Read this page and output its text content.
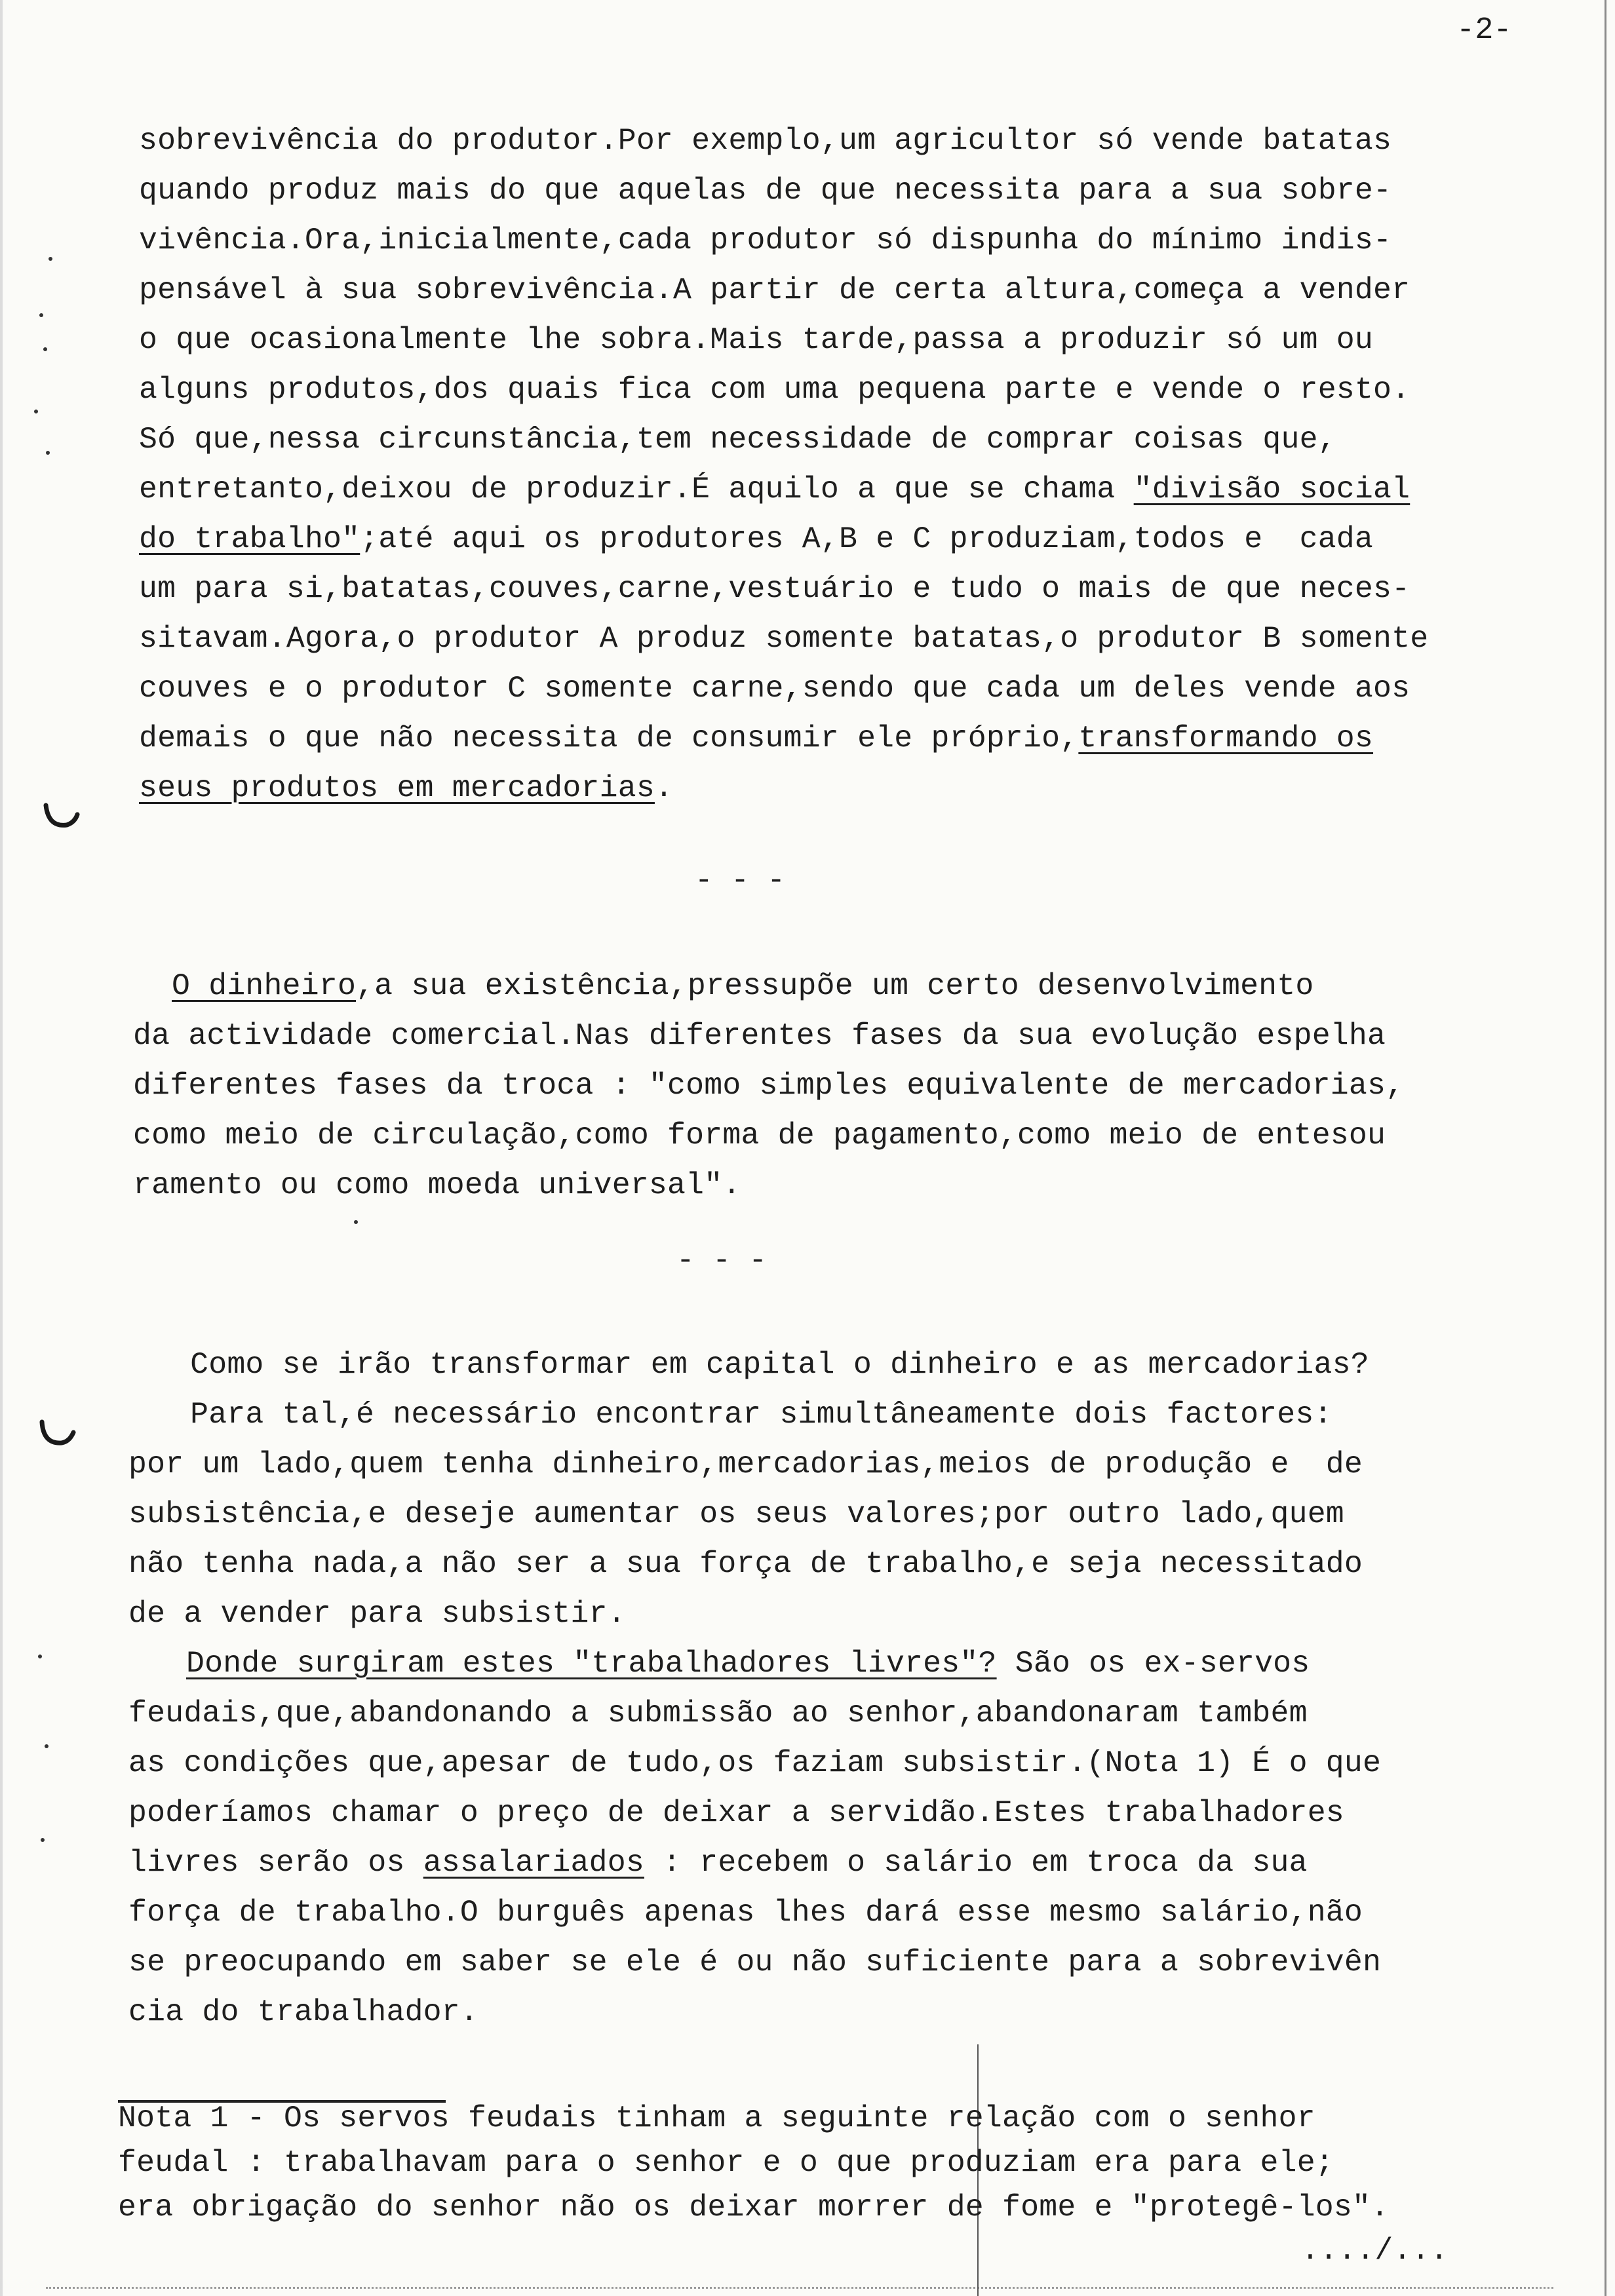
-2-
sobrevivência do produtor.Por exemplo,um agricultor só vende batatas
quando produz mais do que aquelas de que necessita para a sua sobre-
vivência.Ora,inicialmente,cada produtor só dispunha do mínimo indis-
pensável à sua sobrevivência.A partir de certa altura,começa a vender
o que ocasionalmente lhe sobra.Mais tarde,passa a produzir só um ou
alguns produtos,dos quais fica com uma pequena parte e vende o resto.
Só que,nessa circunstância,tem necessidade de comprar coisas que,
entretanto,deixou de produzir.É aquilo a que se chama "divisão social
do trabalho";até aqui os produtores A,B e C produziam,todos e  cada
um para si,batatas,couves,carne,vestuário e tudo o mais de que neces-
sitavam.Agora,o produtor A produz somente batatas,o produtor B somente
couves e o produtor C somente carne,sendo que cada um deles vende aos
demais o que não necessita de consumir ele próprio,transformando os
seus produtos em mercadorias.
- - -
O dinheiro,a sua existência,pressupõe um certo desenvolvimento
da actividade comercial.Nas diferentes fases da sua evolução espelha
diferentes fases da troca : "como simples equivalente de mercadorias,
como meio de circulação,como forma de pagamento,como meio de entesou
ramento ou como moeda universal".
- - -
Como se irão transformar em capital o dinheiro e as mercadorias?
Para tal,é necessário encontrar simultâneamente dois factores:
por um lado,quem tenha dinheiro,mercadorias,meios de produção e  de
subsistência,e deseje aumentar os seus valores;por outro lado,quem
não tenha nada,a não ser a sua força de trabalho,e seja necessitado
de a vender para subsistir.
Donde surgiram estes "trabalhadores livres"? São os ex-servos
feudais,que,abandonando a submissão ao senhor,abandonaram também
as condições que,apesar de tudo,os faziam subsistir.(Nota 1) É o que
poderíamos chamar o preço de deixar a servidão.Estes trabalhadores
livres serão os assalariados : recebem o salário em troca da sua
força de trabalho.O burguês apenas lhes dará esse mesmo salário,não
se preocupando em saber se ele é ou não suficiente para a sobrevivên
cia do trabalhador.
Nota 1 - Os servos feudais tinham a seguinte relação com o senhor
feudal : trabalhavam para o senhor e o que produziam era para ele;
era obrigação do senhor não os deixar morrer de fome e "protegê-los".
..../...
